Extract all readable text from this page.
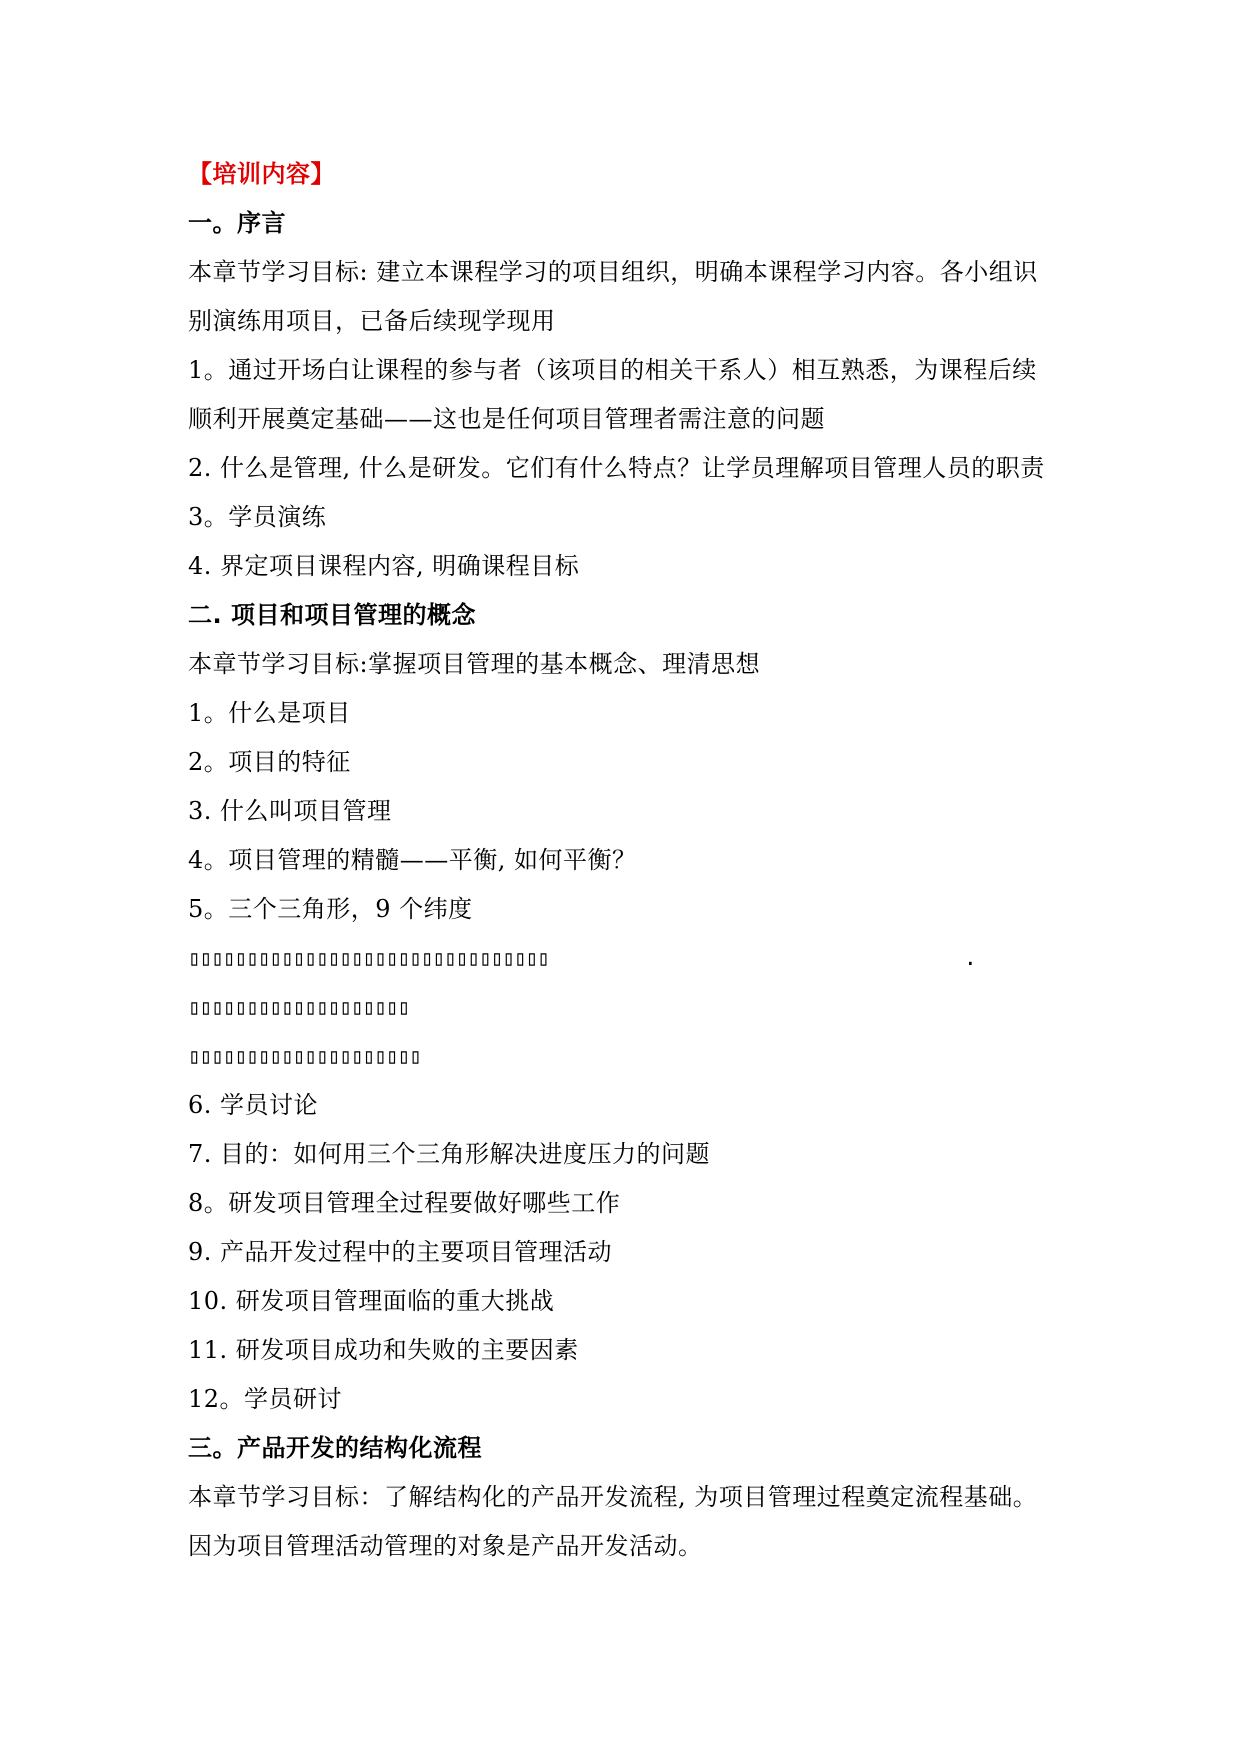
【培训内容】
一。序言
本章节学习目标: 建立本课程学习的项目组织，明确本课程学习内容。各小组识
别演练用项目，已备后续现学现用
1。通过开场白让课程的参与者（该项目的相关干系人）相互熟悉，为课程后续
顺利开展奠定基础——这也是任何项目管理者需注意的问题
2. 什么是管理, 什么是研发。它们有什么特点？让学员理解项目管理人员的职责
3。学员演练
4. 界定项目课程内容, 明确课程目标
二. 项目和项目管理的概念
本章节学习目标:掌握项目管理的基本概念、理清思想
1。什么是项目
2。项目的特征
3. 什么叫项目管理
4。项目管理的精髓——平衡, 如何平衡？
5。三个三角形，9 个纬度
▯▯▯▯▯▯▯▯▯▯▯▯▯▯▯▯▯▯▯▯▯▯▯▯▯▯▯▯▯▯▯	.
▯▯▯▯▯▯▯▯▯▯▯▯▯▯▯▯▯▯▯
▯▯▯▯▯▯▯▯▯▯▯▯▯▯▯▯▯▯▯▯
6. 学员讨论
7. 目的：如何用三个三角形解决进度压力的问题
8。研发项目管理全过程要做好哪些工作
9. 产品开发过程中的主要项目管理活动
10. 研发项目管理面临的重大挑战
11. 研发项目成功和失败的主要因素
12。学员研讨
三。产品开发的结构化流程
本章节学习目标：了解结构化的产品开发流程, 为项目管理过程奠定流程基础。
因为项目管理活动管理的对象是产品开发活动。
